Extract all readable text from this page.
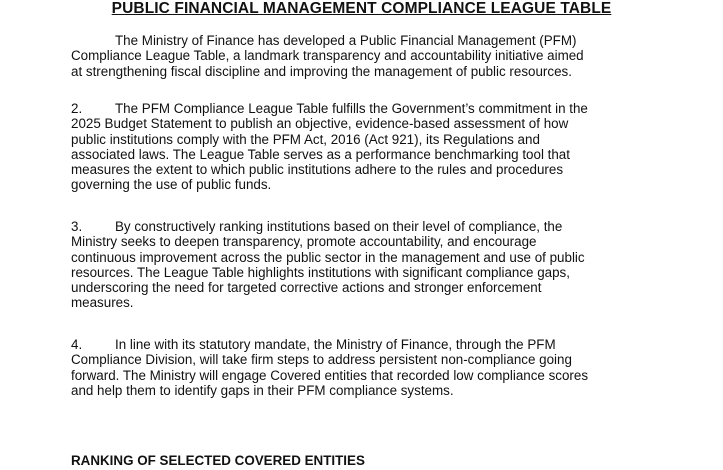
PUBLIC FINANCIAL MANAGEMENT COMPLIANCE LEAGUE TABLE
The Ministry of Finance has developed a Public Financial Management (PFM)
Compliance League Table, a landmark transparency and accountability initiative aimed
at strengthening fiscal discipline and improving the management of public resources.
2. The PFM Compliance League Table fulfills the Government’s commitment in the
2025 Budget Statement to publish an objective, evidence-based assessment of how
public institutions comply with the PFM Act, 2016 (Act 921), its Regulations and
associated laws. The League Table serves as a performance benchmarking tool that
measures the extent to which public institutions adhere to the rules and procedures
governing the use of public funds.
3. By constructively ranking institutions based on their level of compliance, the
Ministry seeks to deepen transparency, promote accountability, and encourage
continuous improvement across the public sector in the management and use of public
resources. The League Table highlights institutions with significant compliance gaps,
underscoring the need for targeted corrective actions and stronger enforcement
measures.
4. In line with its statutory mandate, the Ministry of Finance, through the PFM
Compliance Division, will take firm steps to address persistent non-compliance going
forward. The Ministry will engage Covered entities that recorded low compliance scores
and help them to identify gaps in their PFM compliance systems.
RANKING OF SELECTED COVERED ENTITIES
